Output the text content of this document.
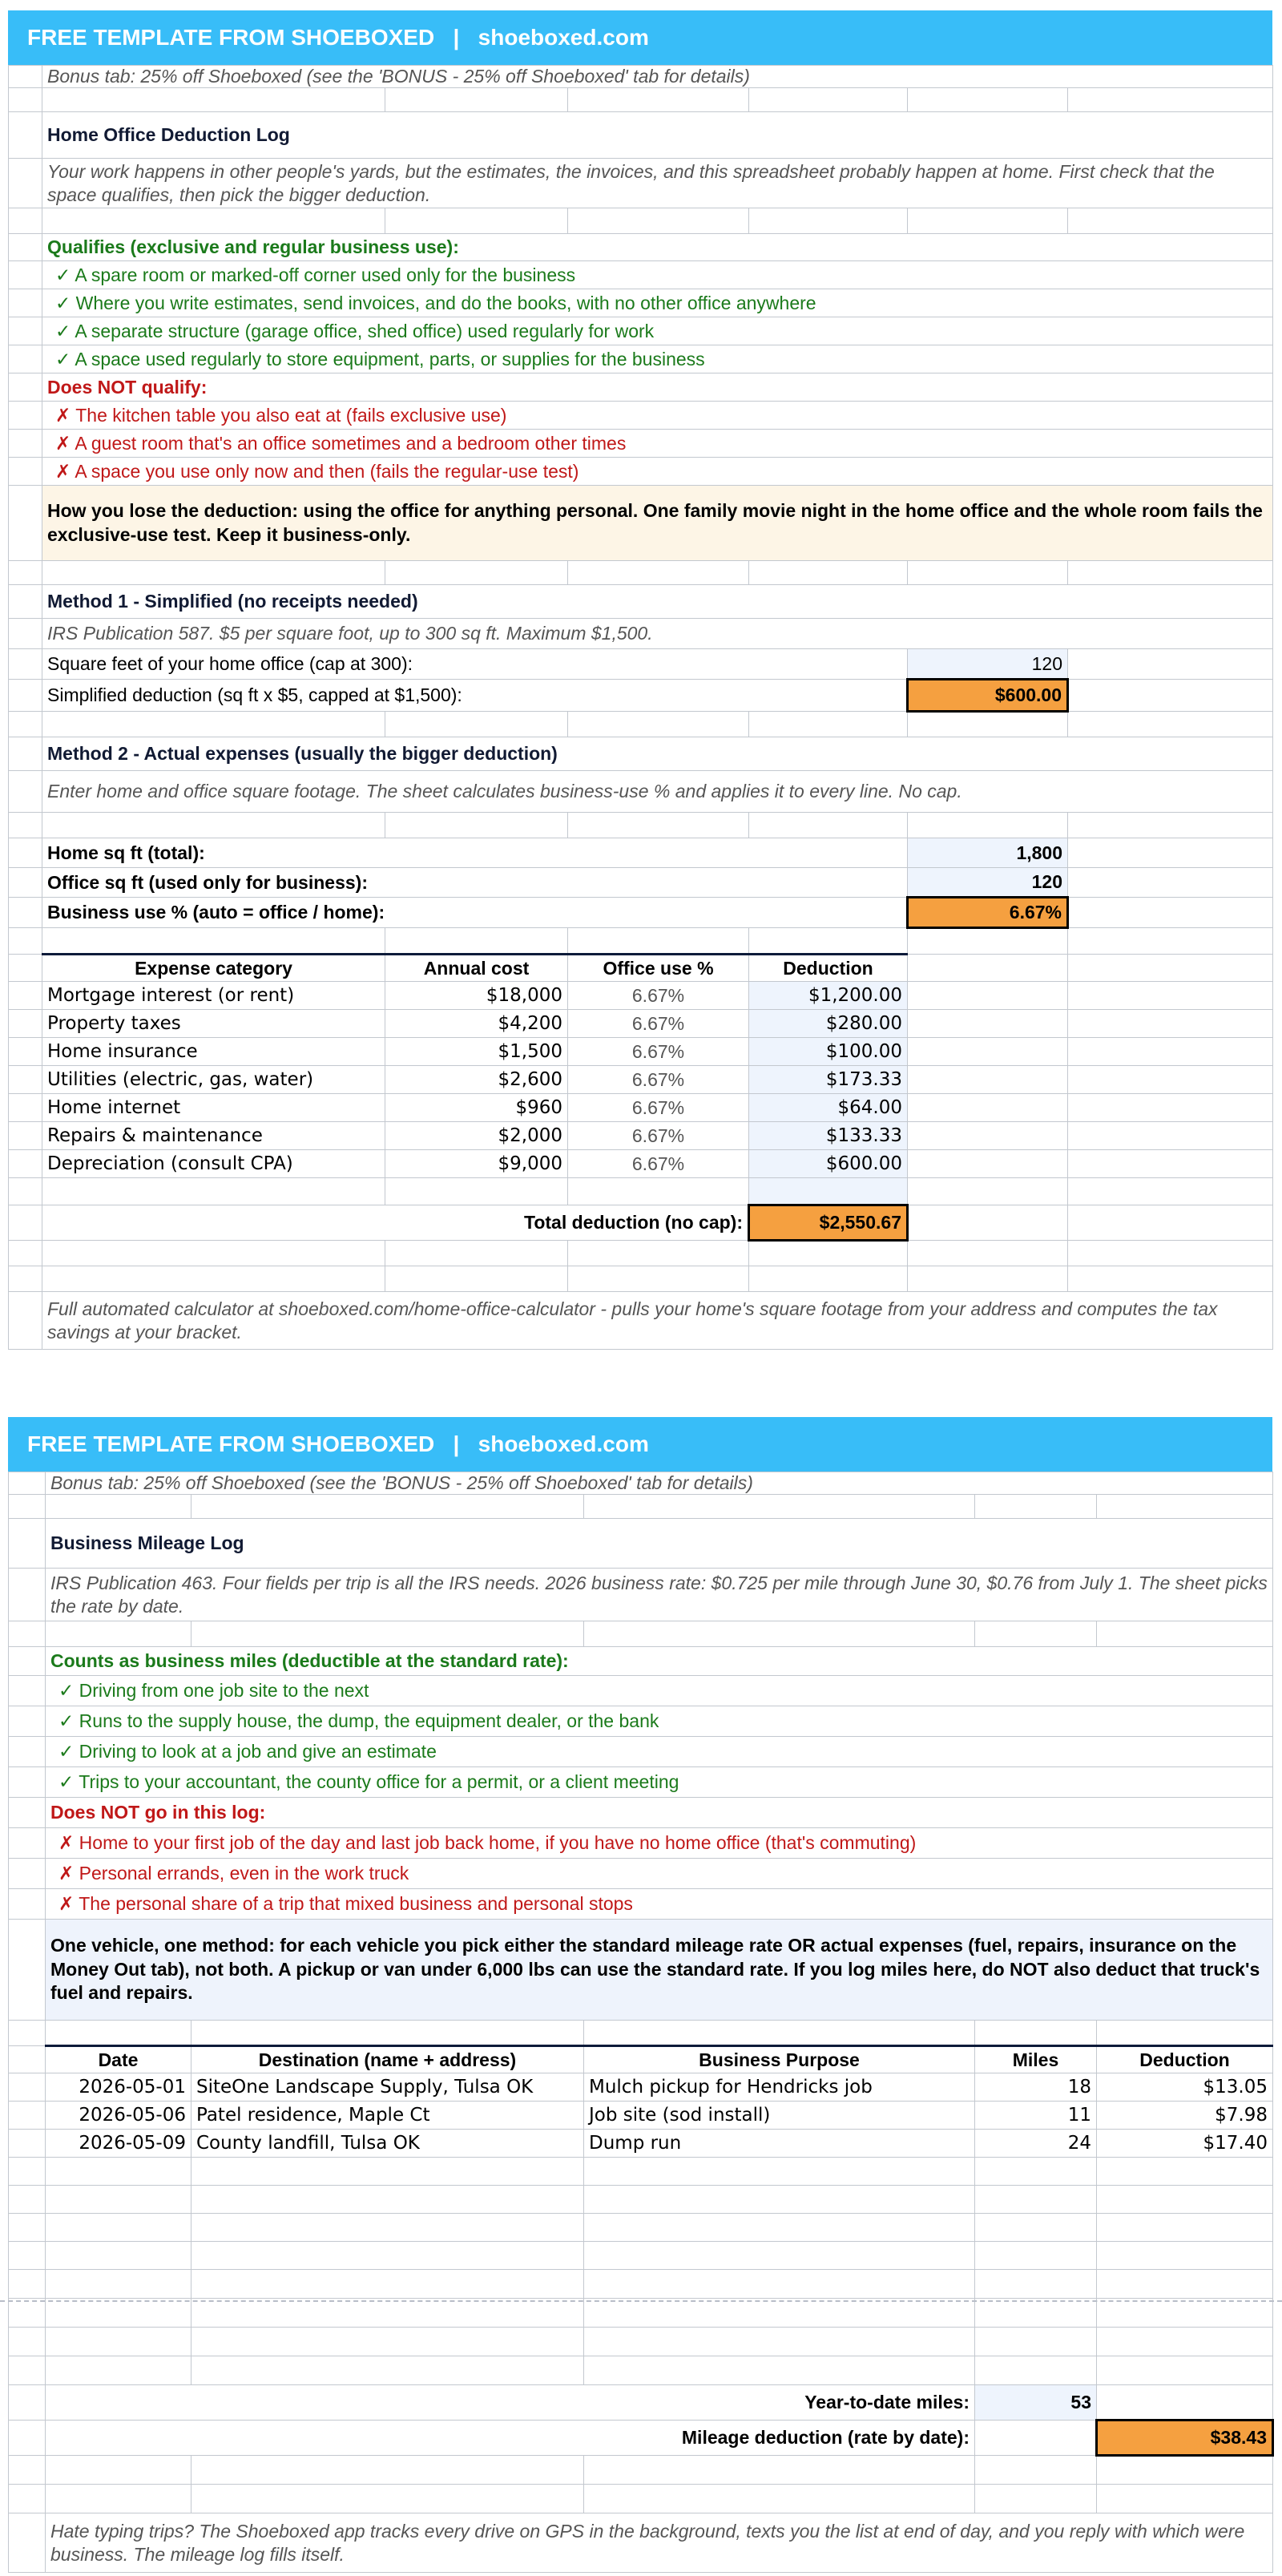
FREE TEMPLATE FROM SHOEBOXED   |   shoeboxed.com
	Bonus tab: 25% off Shoeboxed (see the 'BONUS - 25% off Shoeboxed' tab for details)					

	Home Office Deduction Log					
	Your work happens in other people's yards, but the estimates, the invoices, and this spreadsheet probably happen at home. First check that the space qualifies, then pick the bigger deduction.					

	Qualifies (exclusive and regular business use):					
	✓ A spare room or marked-off corner used only for the business					
	✓ Where you write estimates, send invoices, and do the books, with no other office anywhere					
	✓ A separate structure (garage office, shed office) used regularly for work					
	✓ A space used regularly to store equipment, parts, or supplies for the business					
	Does NOT qualify:					
	✗ The kitchen table you also eat at (fails exclusive use)					
	✗ A guest room that's an office sometimes and a bedroom other times					
	✗ A space you use only now and then (fails the regular-use test)					
	How you lose the deduction: using the office for anything personal. One family movie night in the home office and the whole room fails the exclusive-use test. Keep it business-only.					

	Method 1 - Simplified (no receipts needed)					
	IRS Publication 587. $5 per square foot, up to 300 sq ft. Maximum $1,500.					
	Square feet of your home office (cap at 300):				120	
	Simplified deduction (sq ft x $5, capped at $1,500):				$600.00	

	Method 2 - Actual expenses (usually the bigger deduction)					
	Enter home and office square footage. The sheet calculates business-use % and applies it to every line. No cap.					

	Home sq ft (total):				1,800	
	Office sq ft (used only for business):				120	
	Business use % (auto = office / home):				6.67%	

	Expense category	Annual cost	Office use %	Deduction		
	Mortgage interest (or rent)	$18,000	6.67%	$1,200.00		
	Property taxes	$4,200	6.67%	$280.00		
	Home insurance	$1,500	6.67%	$100.00		
	Utilities (electric, gas, water)	$2,600	6.67%	$173.33		
	Home internet	$960	6.67%	$64.00		
	Repairs & maintenance	$2,000	6.67%	$133.33		
	Depreciation (consult CPA)	$9,000	6.67%	$600.00		

	Total deduction (no cap):			$2,550.67		

	Full automated calculator at shoeboxed.com/home-office-calculator - pulls your home's square footage from your address and computes the tax savings at your bracket.					
FREE TEMPLATE FROM SHOEBOXED   |   shoeboxed.com
	Bonus tab: 25% off Shoeboxed (see the 'BONUS - 25% off Shoeboxed' tab for details)				

	Business Mileage Log				
	IRS Publication 463. Four fields per trip is all the IRS needs. 2026 business rate: $0.725 per mile through June 30, $0.76 from July 1. The sheet picks the rate by date.				

	Counts as business miles (deductible at the standard rate):				
	✓ Driving from one job site to the next				
	✓ Runs to the supply house, the dump, the equipment dealer, or the bank				
	✓ Driving to look at a job and give an estimate				
	✓ Trips to your accountant, the county office for a permit, or a client meeting				
	Does NOT go in this log:				
	✗ Home to your first job of the day and last job back home, if you have no home office (that's commuting)				
	✗ Personal errands, even in the work truck				
	✗ The personal share of a trip that mixed business and personal stops				
	One vehicle, one method: for each vehicle you pick either the standard mileage rate OR actual expenses (fuel, repairs, insurance on the Money Out tab), not both. A pickup or van under 6,000 lbs can use the standard rate. If you log miles here, do NOT also deduct that truck's fuel and repairs.				

	Date	Destination (name + address)	Business Purpose	Miles	Deduction
	2026-05-01	SiteOne Landscape Supply, Tulsa OK	Mulch pickup for Hendricks job	18	$13.05
	2026-05-06	Patel residence, Maple Ct	Job site (sod install)	11	$7.98
	2026-05-09	County landfill, Tulsa OK	Dump run	24	$17.40

	Year-to-date miles:			53	
	Mileage deduction (rate by date):				$38.43

	Hate typing trips? The Shoeboxed app tracks every drive on GPS in the background, texts you the list at end of day, and you reply with which were business. The mileage log fills itself.				
